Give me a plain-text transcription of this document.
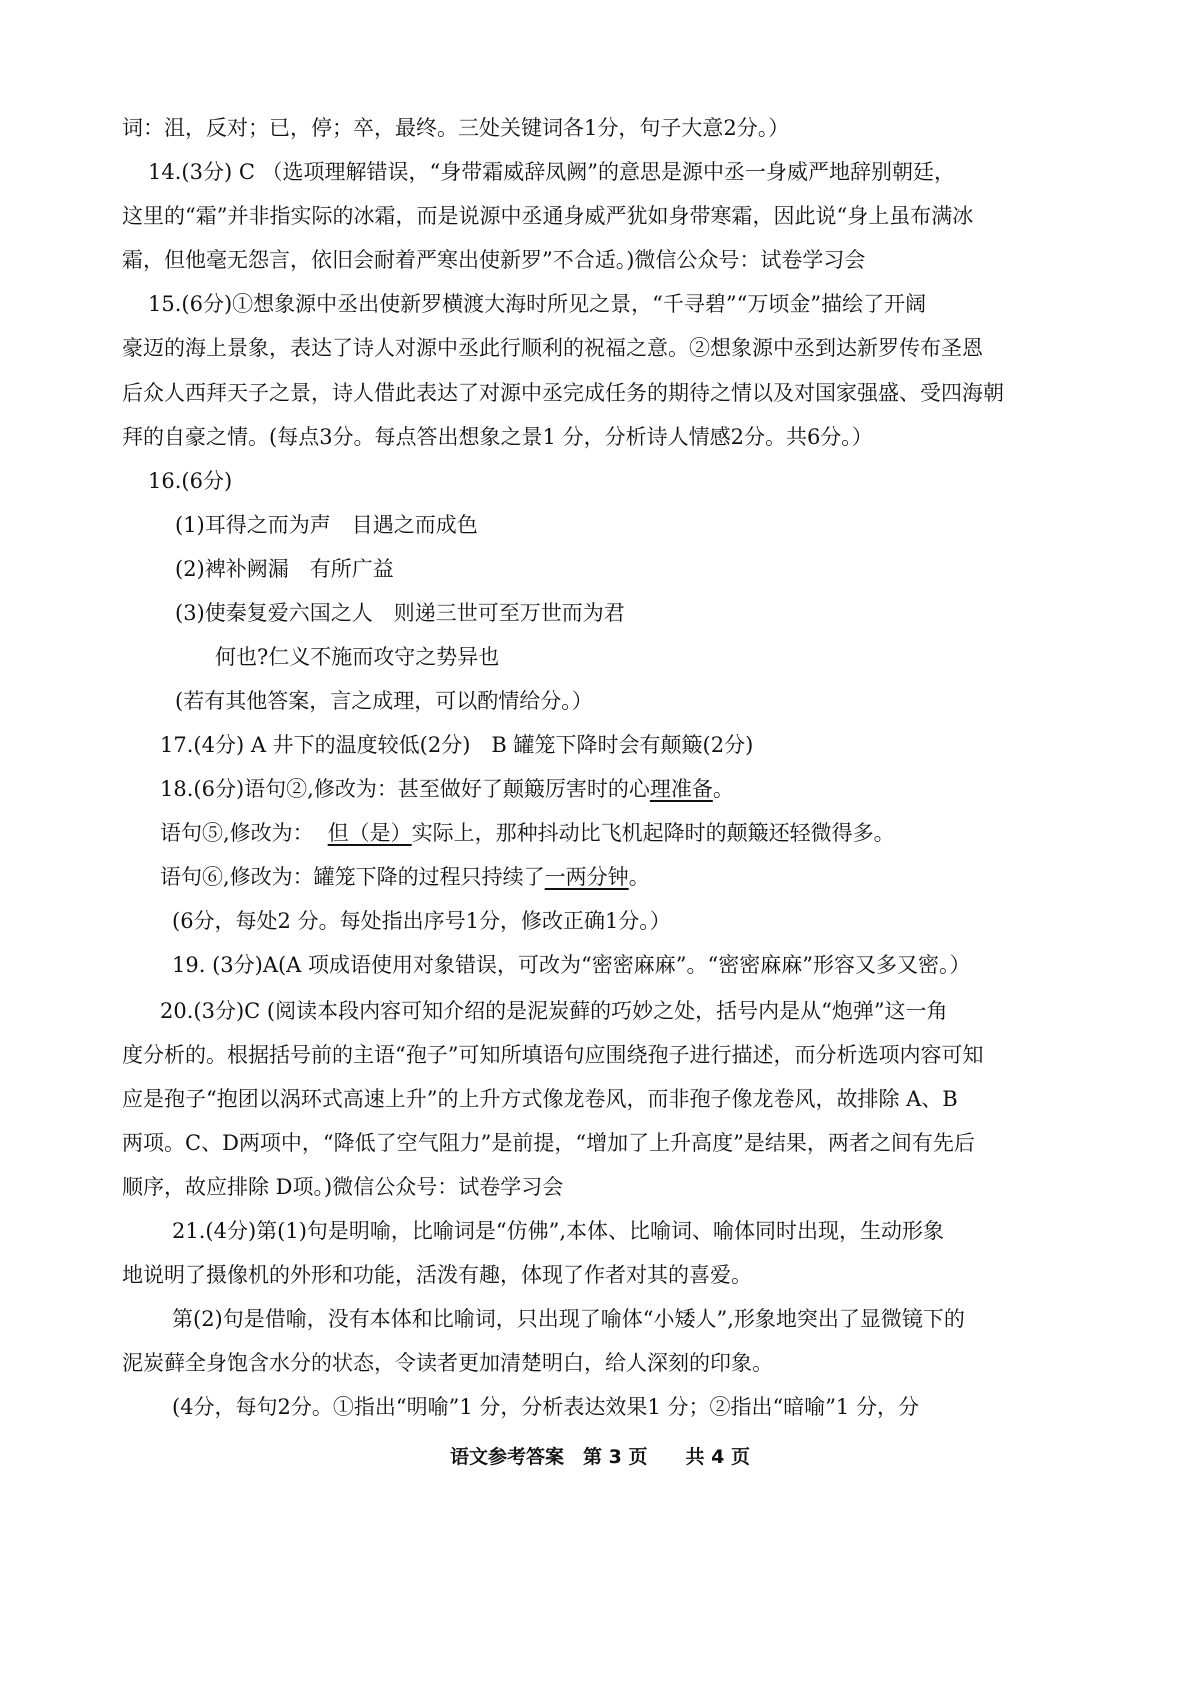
词：沮，反对；已，停；卒，最终。三处关键词各1分，句子大意2分。）
14.(3分) C （选项理解错误，“身带霜威辞凤阙”的意思是源中丞一身威严地辞别朝廷，
这里的“霜”并非指实际的冰霜，而是说源中丞通身威严犹如身带寒霜，因此说“身上虽布满冰
霜，但他毫无怨言，依旧会耐着严寒出使新罗”不合适。)微信公众号：试卷学习会
15.(6分)①想象源中丞出使新罗横渡大海时所见之景，“千寻碧”“万顷金”描绘了开阔
豪迈的海上景象，表达了诗人对源中丞此行顺利的祝福之意。②想象源中丞到达新罗传布圣恩
后众人西拜天子之景，诗人借此表达了对源中丞完成任务的期待之情以及对国家强盛、受四海朝
拜的自豪之情。(每点3分。每点答出想象之景1 分，分析诗人情感2分。共6分。）
16.(6分)
(1)耳得之而为声　目遇之而成色
(2)裨补阙漏　有所广益
(3)使秦复爱六国之人　则递三世可至万世而为君
何也?仁义不施而攻守之势异也
(若有其他答案，言之成理，可以酌情给分。）
17.(4分) A 井下的温度较低(2分)　B 罐笼下降时会有颠簸(2分)
18.(6分)语句②,修改为：甚至做好了颠簸厉害时的心理准备。
语句⑤,修改为： 但（是）实际上，那种抖动比飞机起降时的颠簸还轻微得多。
语句⑥,修改为：罐笼下降的过程只持续了一两分钟。
(6分，每处2 分。每处指出序号1分，修改正确1分。）
19. (3分)A(A 项成语使用对象错误，可改为“密密麻麻”。“密密麻麻”形容又多又密。）
20.(3分)C (阅读本段内容可知介绍的是泥炭藓的巧妙之处，括号内是从“炮弹”这一角
度分析的。根据括号前的主语“孢子”可知所填语句应围绕孢子进行描述，而分析选项内容可知
应是孢子“抱团以涡环式高速上升”的上升方式像龙卷风，而非孢子像龙卷风，故排除 A、B
两项。C、D两项中，“降低了空气阻力”是前提，“增加了上升高度”是结果，两者之间有先后
顺序，故应排除 D项。)微信公众号：试卷学习会
21.(4分)第(1)句是明喻，比喻词是“仿佛”,本体、比喻词、喻体同时出现，生动形象
地说明了摄像机的外形和功能，活泼有趣，体现了作者对其的喜爱。
第(2)句是借喻，没有本体和比喻词，只出现了喻体“小矮人”,形象地突出了显微镜下的
泥炭藓全身饱含水分的状态，令读者更加清楚明白，给人深刻的印象。
(4分，每句2分。①指出“明喻”1 分，分析表达效果1 分；②指出“暗喻”1 分，分
语文参考答案　第 3 页　　共 4 页
